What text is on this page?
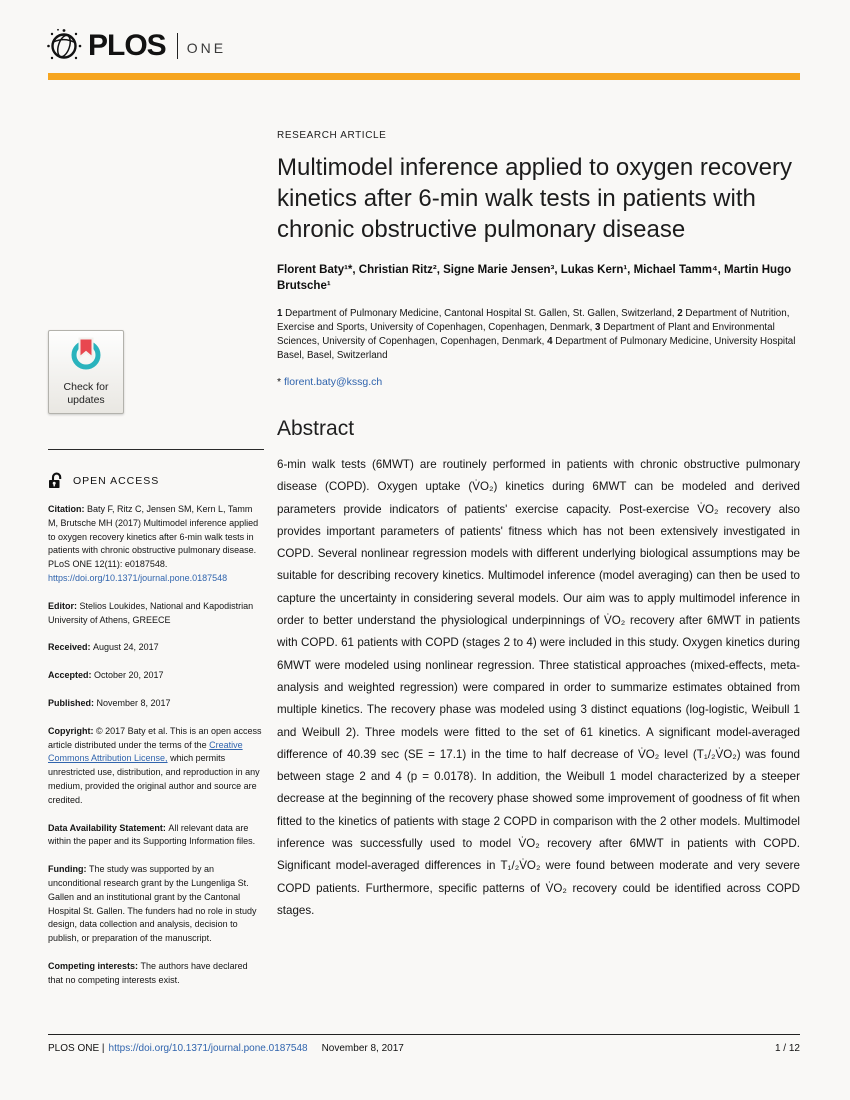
PLOS ONE
RESEARCH ARTICLE
Multimodel inference applied to oxygen recovery kinetics after 6-min walk tests in patients with chronic obstructive pulmonary disease
Florent Baty¹*, Christian Ritz², Signe Marie Jensen³, Lukas Kern¹, Michael Tamm⁴, Martin Hugo Brutsche¹
1 Department of Pulmonary Medicine, Cantonal Hospital St. Gallen, St. Gallen, Switzerland, 2 Department of Nutrition, Exercise and Sports, University of Copenhagen, Copenhagen, Denmark, 3 Department of Plant and Environmental Sciences, University of Copenhagen, Copenhagen, Denmark, 4 Department of Pulmonary Medicine, University Hospital Basel, Basel, Switzerland
* florent.baty@kssg.ch
Abstract

6-min walk tests (6MWT) are routinely performed in patients with chronic obstructive pulmonary disease (COPD). Oxygen uptake (V̇O₂) kinetics during 6MWT can be modeled and derived parameters provide indicators of patients' exercise capacity. Post-exercise V̇O₂ recovery also provides important parameters of patients' fitness which has not been extensively investigated in COPD. Several nonlinear regression models with different underlying biological assumptions may be suitable for describing recovery kinetics. Multimodel inference (model averaging) can then be used to capture the uncertainty in considering several models. Our aim was to apply multimodel inference in order to better understand the physiological underpinnings of V̇O₂ recovery after 6MWT in patients with COPD. 61 patients with COPD (stages 2 to 4) were included in this study. Oxygen kinetics during 6MWT were modeled using nonlinear regression. Three statistical approaches (mixed-effects, meta-analysis and weighted regression) were compared in order to summarize estimates obtained from multiple kinetics. The recovery phase was modeled using 3 distinct equations (log-logistic, Weibull 1 and Weibull 2). Three models were fitted to the set of 61 kinetics. A significant model-averaged difference of 40.39 sec (SE = 17.1) in the time to half decrease of V̇O₂ level (T₁/₂V̇O₂) was found between stage 2 and 4 (p = 0.0178). In addition, the Weibull 1 model characterized by a steeper decrease at the beginning of the recovery phase showed some improvement of goodness of fit when fitted to the kinetics of patients with stage 2 COPD in comparison with the 2 other models. Multimodel inference was successfully used to model V̇O₂ recovery after 6MWT in patients with COPD. Significant model-averaged differences in T₁/₂V̇O₂ were found between moderate and very severe COPD patients. Furthermore, specific patterns of V̇O₂ recovery could be identified across COPD stages.

Check for
updates
OPEN ACCESS
Citation: Baty F, Ritz C, Jensen SM, Kern L, Tamm M, Brutsche MH (2017) Multimodel inference applied to oxygen recovery kinetics after 6-min walk tests in patients with chronic obstructive pulmonary disease. PLoS ONE 12(11): e0187548. https://doi.org/10.1371/journal.pone.0187548
Editor: Stelios Loukides, National and Kapodistrian University of Athens, GREECE
Received: August 24, 2017
Accepted: October 20, 2017
Published: November 8, 2017
Copyright: © 2017 Baty et al. This is an open access article distributed under the terms of the Creative Commons Attribution License, which permits unrestricted use, distribution, and reproduction in any medium, provided the original author and source are credited.
Data Availability Statement: All relevant data are within the paper and its Supporting Information files.
Funding: The study was supported by an unconditional research grant by the Lungenliga St. Gallen and an institutional grant by the Cantonal Hospital St. Gallen. The funders had no role in study design, data collection and analysis, decision to publish, or preparation of the manuscript.
Competing interests: The authors have declared that no competing interests exist.
PLOS ONE | https://doi.org/10.1371/journal.pone.0187548 November 8, 2017	1 / 12
